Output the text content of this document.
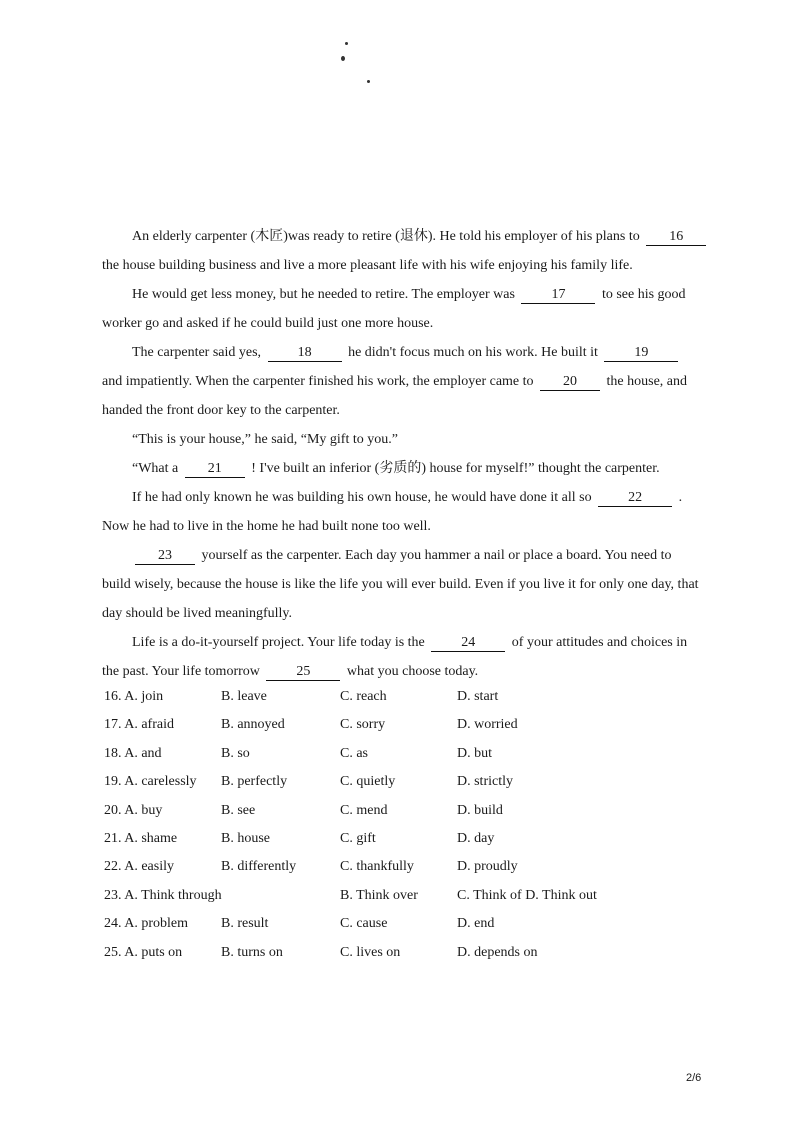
An elderly carpenter (木匠)was ready to retire (退休). He told his employer of his plans to 16
the house building business and live a more pleasant life with his wife enjoying his family life.
He would get less money, but he needed to retire. The employer was	17	to see his good
worker go and asked if he could build just one more house.
The carpenter said yes,	18	he didn't focus much on his work. He built it	19
and impatiently. When the carpenter finished his work, the employer came to 20 the house, and
handed the front door key to the carpenter.
“This is your house,” he said, “My gift to you.”
“What a 21 ! I've built an inferior (劣质的) house for myself!” thought the carpenter.
If he had only known he was building his own house, he would have done it all so	22	.
Now he had to live in the home he had built none too well.
23 yourself as the carpenter. Each day you hammer a nail or place a board. You need to
build wisely, because the house is like the life you will ever build. Even if you live it for only one day, that
day should be lived meaningfully.
Life is a do-it-yourself project. Your life today is the	24	of your attitudes and choices in
the past. Your life tomorrow	25	what you choose today.
16. A. join	B. leave	C. reach	D. start
17. A. afraid	B. annoyed	C. sorry	D. worried
18. A. and	B. so	C. as	D. but
19. A. carelessly B. perfectly	C. quietly	D. strictly
20. A. buy	B. see	C. mend	D. build
21. A. shame	B. house	C. gift	D. day
22. A. easily	B. differently	C. thankfully	D. proudly
23. A. Think through	B. Think over	C. Think of D. Think out
24. A. problem B. result	C. cause	D. end
25. A. puts on	B. turns on	C. lives on	D. depends on
2/6
